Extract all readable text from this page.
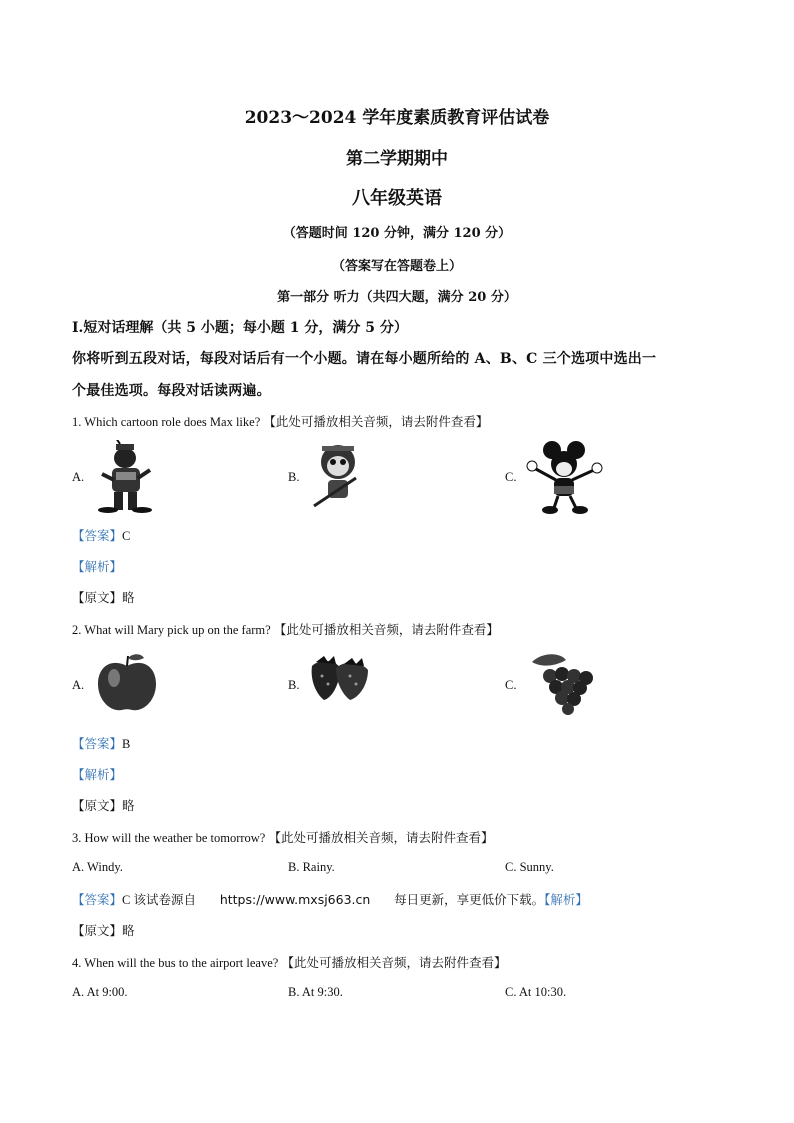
2023～2024 学年度素质教育评估试卷
第二学期期中
八年级英语
（答题时间 120 分钟，满分 120 分）
（答案写在答题卷上）
第一部分 听力（共四大题，满分 20 分）
Ⅰ.短对话理解（共 5 小题；每小题 1 分，满分 5 分）
你将听到五段对话，每段对话后有一个小题。请在每小题所给的 A、B、C 三个选项中选出一
个最佳选项。每段对话读两遍。
1. Which cartoon role does Max like? 【此处可播放相关音频，请去附件查看】
A.	B.	C.
【答案】C
【解析】
【原文】略
2. What will Mary pick up on the farm? 【此处可播放相关音频，请去附件查看】
A.	B.	C.
【答案】B
【解析】
【原文】略
3. How will the weather be tomorrow? 【此处可播放相关音频，请去附件查看】
A. Windy.	B. Rainy.	C. Sunny.
【答案】C 该试卷源自      https://www.mxsj663.cn      每日更新，享更低价下载。【解析】
【原文】略
4. When will the bus to the airport leave? 【此处可播放相关音频，请去附件查看】
A. At 9:00.	B. At 9:30.	C. At 10:30.
